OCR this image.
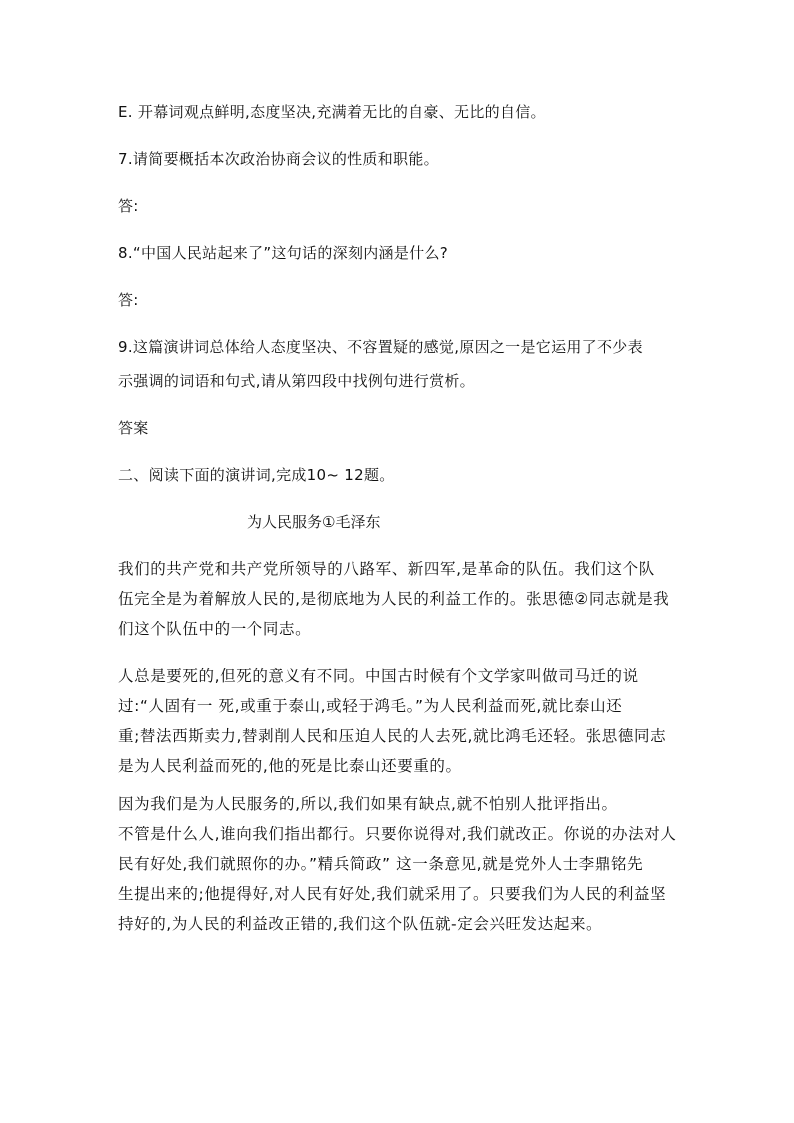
E. 开幕词观点鲜明,态度坚决,充满着无比的自豪、无比的自信。
7.请简要概括本次政治协商会议的性质和职能。
答:
8.“中国人民站起来了”这句话的深刻内涵是什么?
答:
9.这篇演讲词总体给人态度坚决、不容置疑的感觉,原因之一是它运用了不少表
示强调的词语和句式,请从第四段中找例句进行赏析。
答案
二、阅读下面的演讲词,完成10~ 12题。
为人民服务①毛泽东
我们的共产党和共产党所领导的八路军、新四军,是革命的队伍。我们这个队
伍完全是为着解放人民的,是彻底地为人民的利益工作的。张思德②同志就是我
们这个队伍中的一个同志。
人总是要死的,但死的意义有不同。中国古时候有个文学家叫做司马迁的说
过:“人固有一 死,或重于泰山,或轻于鸿毛。”为人民利益而死,就比泰山还
重;替法西斯卖力,替剥削人民和压迫人民的人去死,就比鸿毛还轻。张思德同志
是为人民利益而死的,他的死是比泰山还要重的。
因为我们是为人民服务的,所以,我们如果有缺点,就不怕别人批评指出。
不管是什么人,谁向我们指出都行。只要你说得对,我们就改正。你说的办法对人
民有好处,我们就照你的办。”精兵简政” 这一条意见,就是党外人士李鼎铭先
生提出来的;他提得好,对人民有好处,我们就采用了。只要我们为人民的利益坚
持好的,为人民的利益改正错的,我们这个队伍就-定会兴旺发达起来。
